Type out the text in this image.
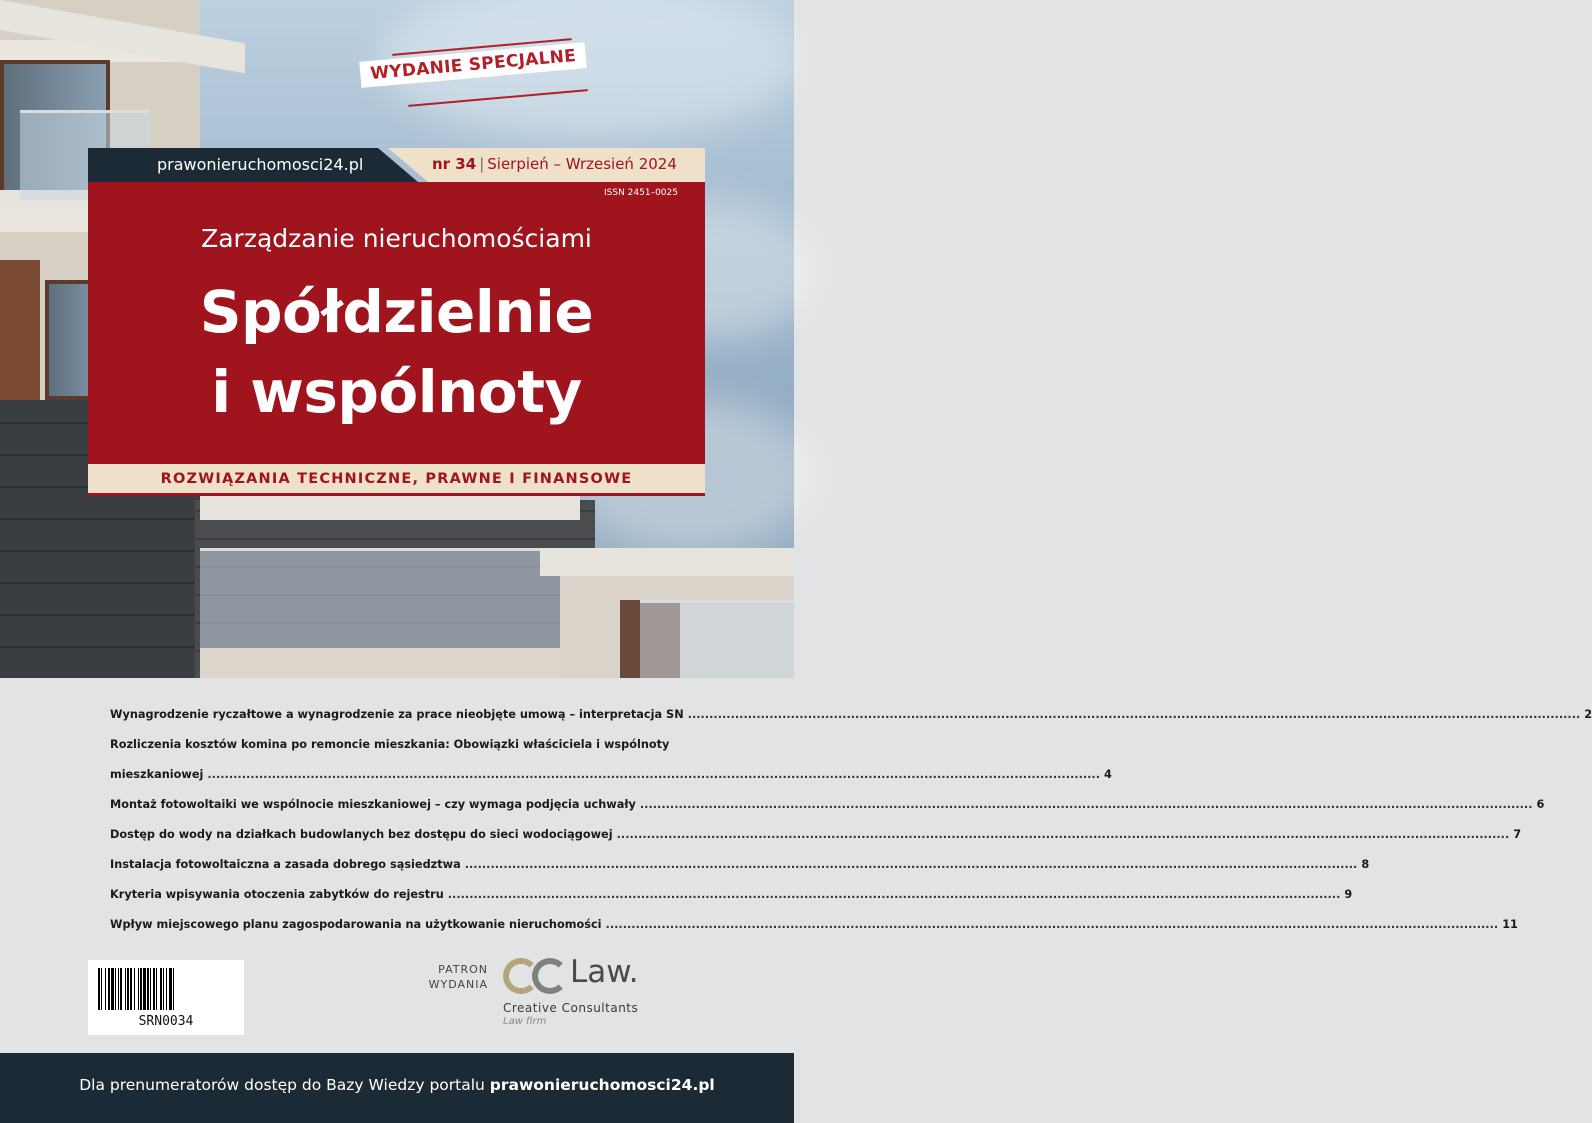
WYDANIE SPECJALNE
prawonieruchomosci24.pl	nr 34 | Sierpień – Wrzesień 2024
ISSN 2451–0025
Zarządzanie nieruchomościami
Spółdzielnie
i wspólnoty
ROZWIĄZANIA TECHNICZNE, PRAWNE I FINANSOWE
Wynagrodzenie ryczałtowe a wynagrodzenie za prace nieobjęte umową – interpretacja SN .....	2
Rozliczenia kosztów komina po remoncie mieszkania: Obowiązki właściciela i wspólnoty
mieszkaniowej .....	4
Montaż fotowoltaiki we wspólnocie mieszkaniowej – czy wymaga podjęcia uchwały .....	6
Dostęp do wody na działkach budowlanych bez dostępu do sieci wodociągowej .....	7
Instalacja fotowoltaiczna a zasada dobrego sąsiedztwa .....	8
Kryteria wpisywania otoczenia zabytków do rejestru .....	9
Wpływ miejscowego planu zagospodarowania na użytkowanie nieruchomości .....	11
SRN0034
PATRON
WYDANIA	Law.
Creative Consultants
Law firm
Dla prenumeratorów dostęp do Bazy Wiedzy portalu prawonieruchomosci24.pl
